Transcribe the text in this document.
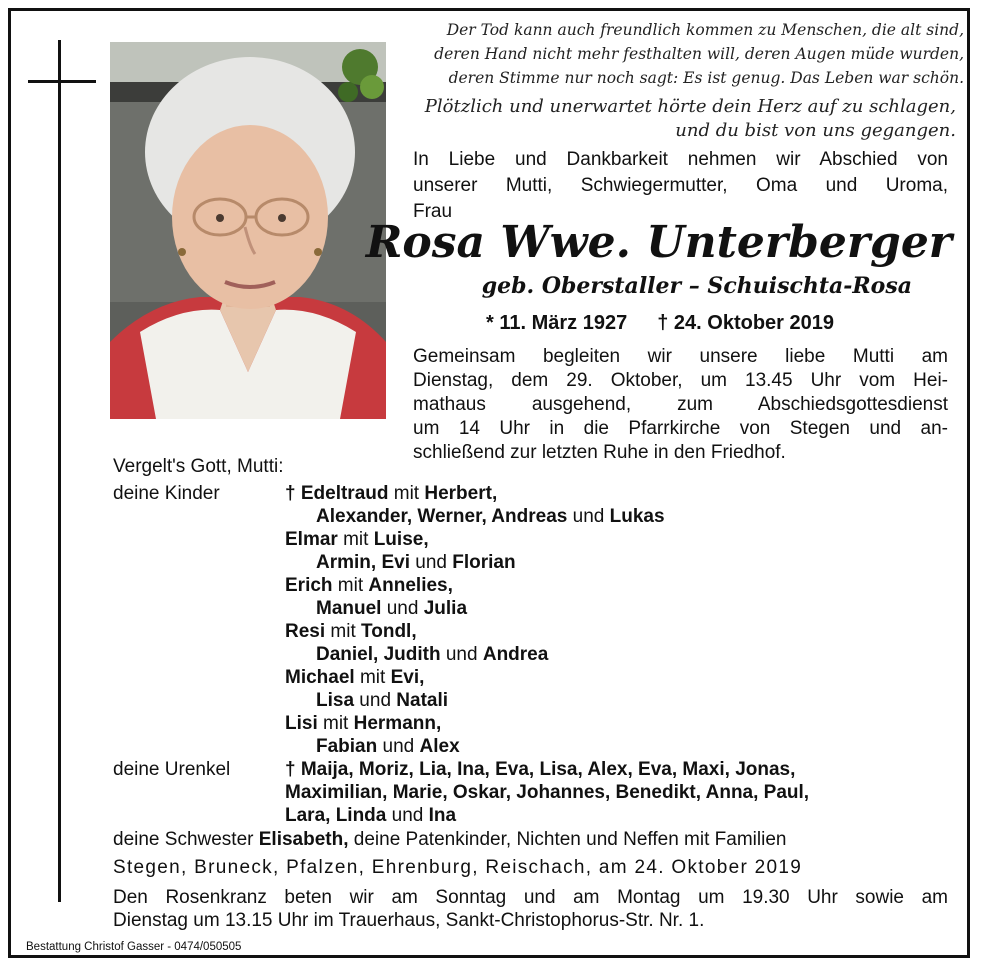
Der Tod kann auch freundlich kommen zu Menschen, die alt sind,
deren Hand nicht mehr festhalten will, deren Augen müde wurden,
deren Stimme nur noch sagt: Es ist genug. Das Leben war schön.
Plötzlich und unerwartet hörte dein Herz auf zu schlagen,
und du bist von uns gegangen.
In Liebe und Dankbarkeit nehmen wir Abschied von
unserer Mutti, Schwiegermutter, Oma und Uroma,
Frau
Rosa Wwe. Unterberger
geb. Oberstaller – Schuischta-Rosa
* 11. März 1927 † 24. Oktober 2019
Gemeinsam begleiten wir unsere liebe Mutti am
Dienstag, dem 29. Oktober, um 13.45 Uhr vom Hei-
mathaus ausgehend, zum Abschiedsgottesdienst
um 14 Uhr in die Pfarrkirche von Stegen und an-
schließend zur letzten Ruhe in den Friedhof.
Vergelt's Gott, Mutti:
deine Kinder	† Edeltraud mit Herbert,
Alexander, Werner, Andreas und Lukas
Elmar mit Luise,
Armin, Evi und Florian
Erich mit Annelies,
Manuel und Julia
Resi mit Tondl,
Daniel, Judith und Andrea
Michael mit Evi,
Lisa und Natali
Lisi mit Hermann,
Fabian und Alex
deine Urenkel	† Maija, Moriz, Lia, Ina, Eva, Lisa, Alex, Eva, Maxi, Jonas,
Maximilian, Marie, Oskar, Johannes, Benedikt, Anna, Paul,
Lara, Linda und Ina
deine Schwester Elisabeth, deine Patenkinder, Nichten und Neffen mit Familien
Stegen, Bruneck, Pfalzen, Ehrenburg, Reischach, am 24. Oktober 2019
Den Rosenkranz beten wir am Sonntag und am Montag um 19.30 Uhr sowie am
Dienstag um 13.15 Uhr im Trauerhaus, Sankt-Christophorus-Str. Nr. 1.
Bestattung Christof Gasser - 0474/050505
